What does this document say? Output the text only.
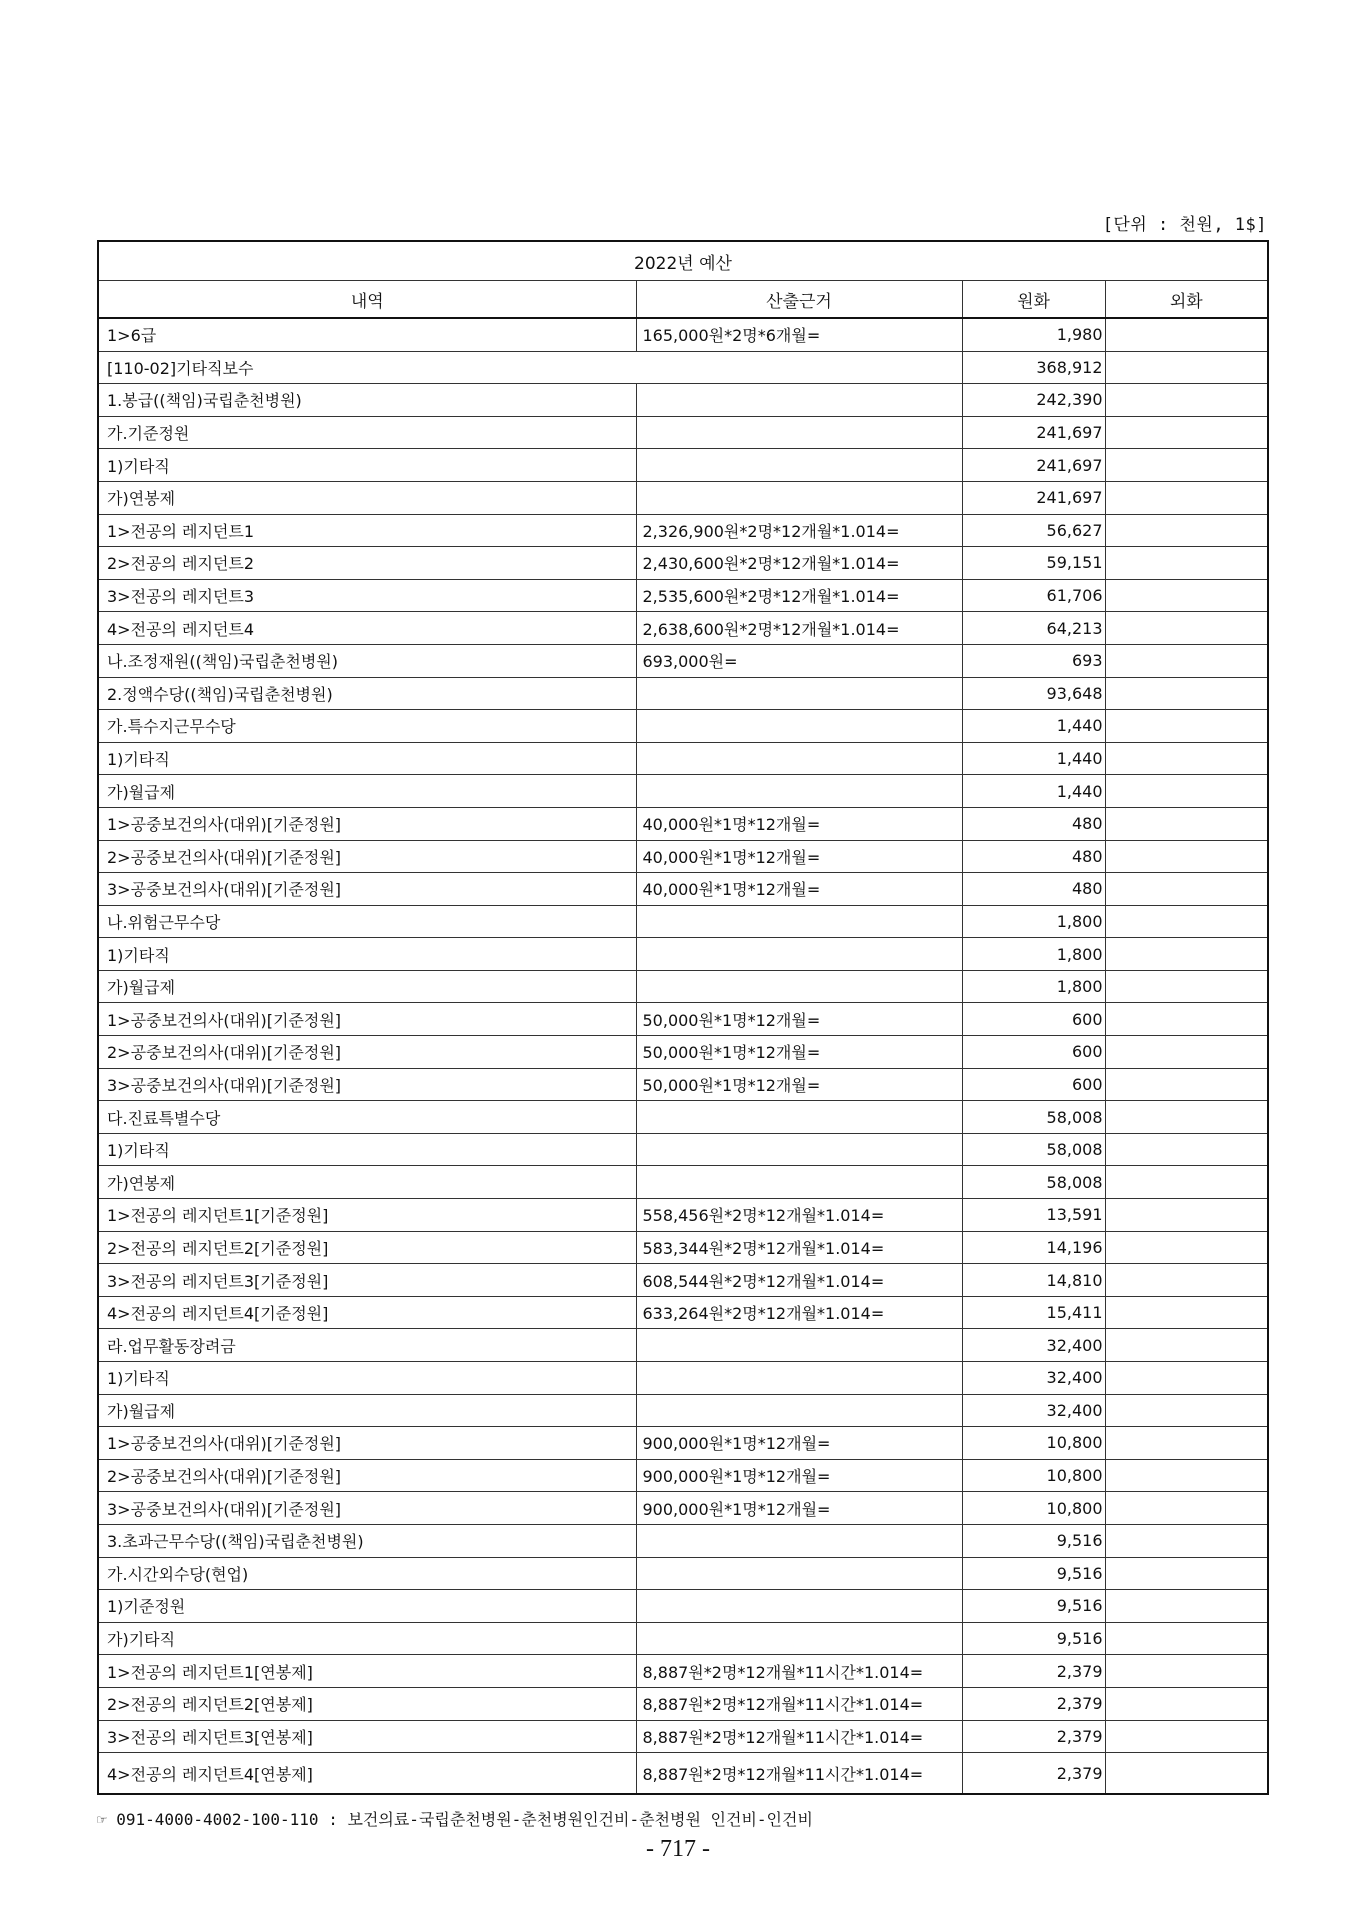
[단위 : 천원, 1$]
2022년 예산			
내역	산출근거	원화	외화
1>6급	165,000원*2명*6개월=	1,980	
[110-02]기타직보수		368,912	
1.봉급((책임)국립춘천병원)		242,390	
가.기준정원		241,697	
1)기타직		241,697	
가)연봉제		241,697	
1>전공의 레지던트1	2,326,900원*2명*12개월*1.014=	56,627	
2>전공의 레지던트2	2,430,600원*2명*12개월*1.014=	59,151	
3>전공의 레지던트3	2,535,600원*2명*12개월*1.014=	61,706	
4>전공의 레지던트4	2,638,600원*2명*12개월*1.014=	64,213	
나.조정재원((책임)국립춘천병원)	693,000원=	693	
2.정액수당((책임)국립춘천병원)		93,648	
가.특수지근무수당		1,440	
1)기타직		1,440	
가)월급제		1,440	
1>공중보건의사(대위)[기준정원]	40,000원*1명*12개월=	480	
2>공중보건의사(대위)[기준정원]	40,000원*1명*12개월=	480	
3>공중보건의사(대위)[기준정원]	40,000원*1명*12개월=	480	
나.위험근무수당		1,800	
1)기타직		1,800	
가)월급제		1,800	
1>공중보건의사(대위)[기준정원]	50,000원*1명*12개월=	600	
2>공중보건의사(대위)[기준정원]	50,000원*1명*12개월=	600	
3>공중보건의사(대위)[기준정원]	50,000원*1명*12개월=	600	
다.진료특별수당		58,008	
1)기타직		58,008	
가)연봉제		58,008	
1>전공의 레지던트1[기준정원]	558,456원*2명*12개월*1.014=	13,591	
2>전공의 레지던트2[기준정원]	583,344원*2명*12개월*1.014=	14,196	
3>전공의 레지던트3[기준정원]	608,544원*2명*12개월*1.014=	14,810	
4>전공의 레지던트4[기준정원]	633,264원*2명*12개월*1.014=	15,411	
라.업무활동장려금		32,400	
1)기타직		32,400	
가)월급제		32,400	
1>공중보건의사(대위)[기준정원]	900,000원*1명*12개월=	10,800	
2>공중보건의사(대위)[기준정원]	900,000원*1명*12개월=	10,800	
3>공중보건의사(대위)[기준정원]	900,000원*1명*12개월=	10,800	
3.초과근무수당((책임)국립춘천병원)		9,516	
가.시간외수당(현업)		9,516	
1)기준정원		9,516	
가)기타직		9,516	
1>전공의 레지던트1[연봉제]	8,887원*2명*12개월*11시간*1.014=	2,379	
2>전공의 레지던트2[연봉제]	8,887원*2명*12개월*11시간*1.014=	2,379	
3>전공의 레지던트3[연봉제]	8,887원*2명*12개월*11시간*1.014=	2,379	
4>전공의 레지던트4[연봉제]	8,887원*2명*12개월*11시간*1.014=	2,379	
☞ 091-4000-4002-100-110 : 보건의료-국립춘천병원-춘천병원인건비-춘천병원 인건비-인건비
- 717 -
